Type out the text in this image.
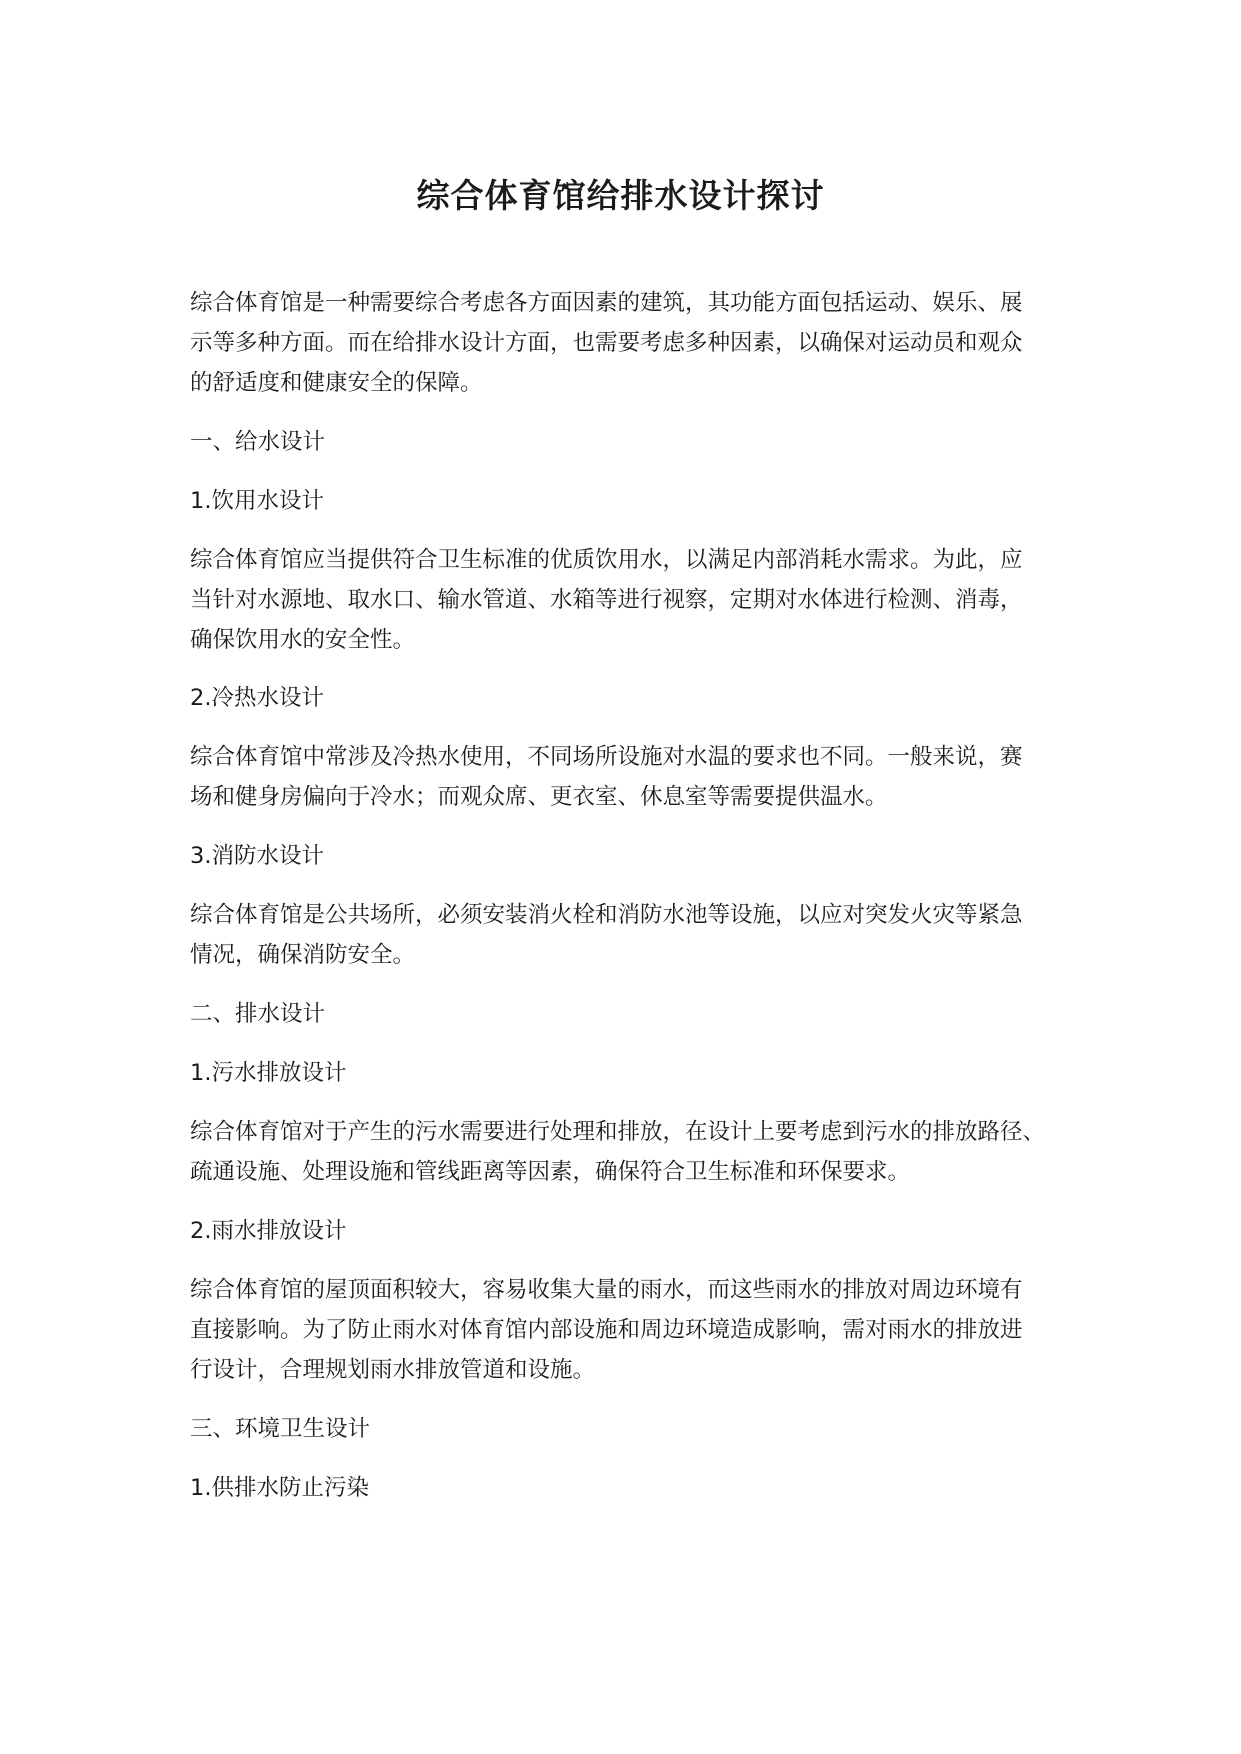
综合体育馆给排水设计探讨
综合体育馆是一种需要综合考虑各方面因素的建筑，其功能方面包括运动、娱乐、展
示等多种方面。而在给排水设计方面，也需要考虑多种因素，以确保对运动员和观众
的舒适度和健康安全的保障。
一、给水设计
1.饮用水设计
综合体育馆应当提供符合卫生标准的优质饮用水，以满足内部消耗水需求。为此，应
当针对水源地、取水口、输水管道、水箱等进行视察，定期对水体进行检测、消毒，
确保饮用水的安全性。
2.冷热水设计
综合体育馆中常涉及冷热水使用，不同场所设施对水温的要求也不同。一般来说，赛
场和健身房偏向于冷水；而观众席、更衣室、休息室等需要提供温水。
3.消防水设计
综合体育馆是公共场所，必须安装消火栓和消防水池等设施，以应对突发火灾等紧急
情况，确保消防安全。
二、排水设计
1.污水排放设计
综合体育馆对于产生的污水需要进行处理和排放，在设计上要考虑到污水的排放路径、
疏通设施、处理设施和管线距离等因素，确保符合卫生标准和环保要求。
2.雨水排放设计
综合体育馆的屋顶面积较大，容易收集大量的雨水，而这些雨水的排放对周边环境有
直接影响。为了防止雨水对体育馆内部设施和周边环境造成影响，需对雨水的排放进
行设计，合理规划雨水排放管道和设施。
三、环境卫生设计
1.供排水防止污染
